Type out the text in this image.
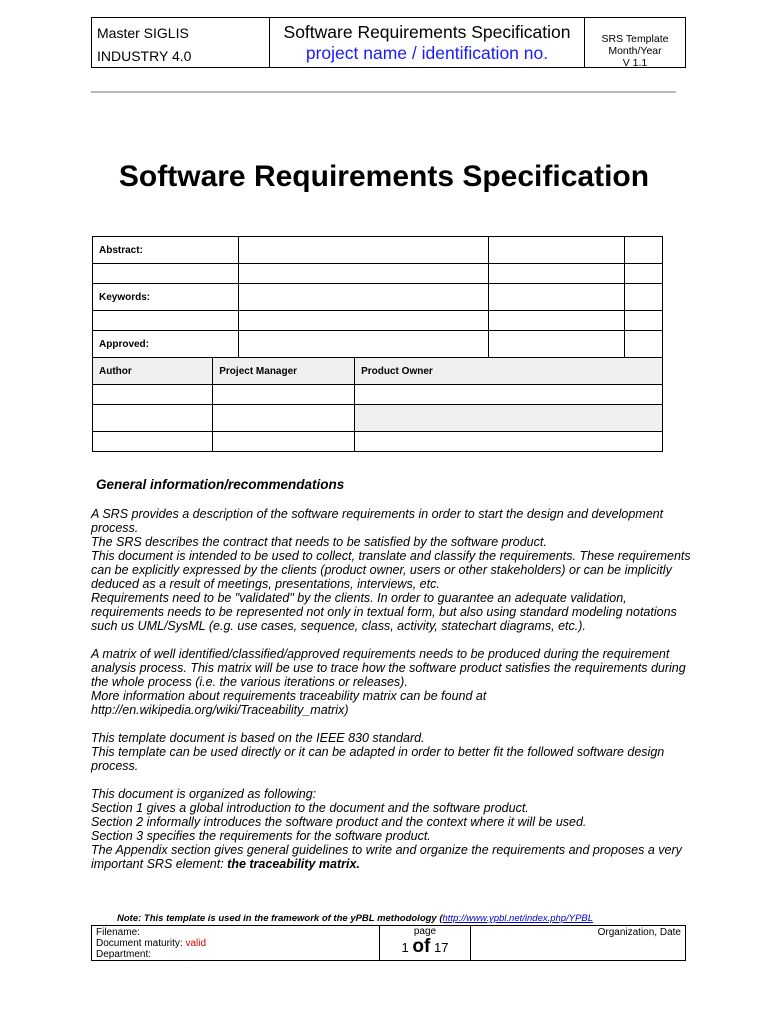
Master SIGLIS
INDUSTRY 4.0
Software Requirements Specification
project name / identification no.
SRS Template
Month/Year
V 1.1
Software Requirements Specification
Abstract:					

Keywords:					

Approved:					
Author	Project Manager		Product Owner		

General information/recommendations

A SRS provides a description of the software requirements in order to start the design and development process.

The SRS describes the contract that needs to be satisfied by the software product.

This document is intended to be used to collect, translate and classify the requirements. These requirements can be explicitly expressed by the clients (product owner, users or other stakeholders) or can be implicitly deduced as a result of meetings, presentations, interviews, etc.

Requirements need to be "validated" by the clients. In order to guarantee an adequate validation, requirements needs to be represented not only in textual form, but also using standard modeling notations such us UML/SysML (e.g. use cases, sequence, class, activity, statechart diagrams, etc.).

A matrix of well identified/classified/approved requirements needs to be produced during the requirement analysis process. This matrix will be use to trace how the software product satisfies the requirements during the whole process (i.e. the various iterations or releases).

More information about requirements traceability matrix can be found at http://en.wikipedia.org/wiki/Traceability_matrix)

This template document is based on the IEEE 830 standard.

This template can be used directly or it can be adapted in order to better fit the followed software design process.

This document is organized as following:

Section 1 gives a global introduction to the document and the software product.

Section 2 informally introduces the software product and the context where it will be used.

Section 3 specifies the requirements for the software product.

The Appendix section gives general guidelines to write and organize the requirements and proposes a very important SRS element: the traceability matrix.

Note: This template is used in the framework of the yPBL methodology (http://www.ypbl.net/index.php/YPBL
Filename:
Document maturity: valid
Department:
page
1 of 17
Organization, Date
